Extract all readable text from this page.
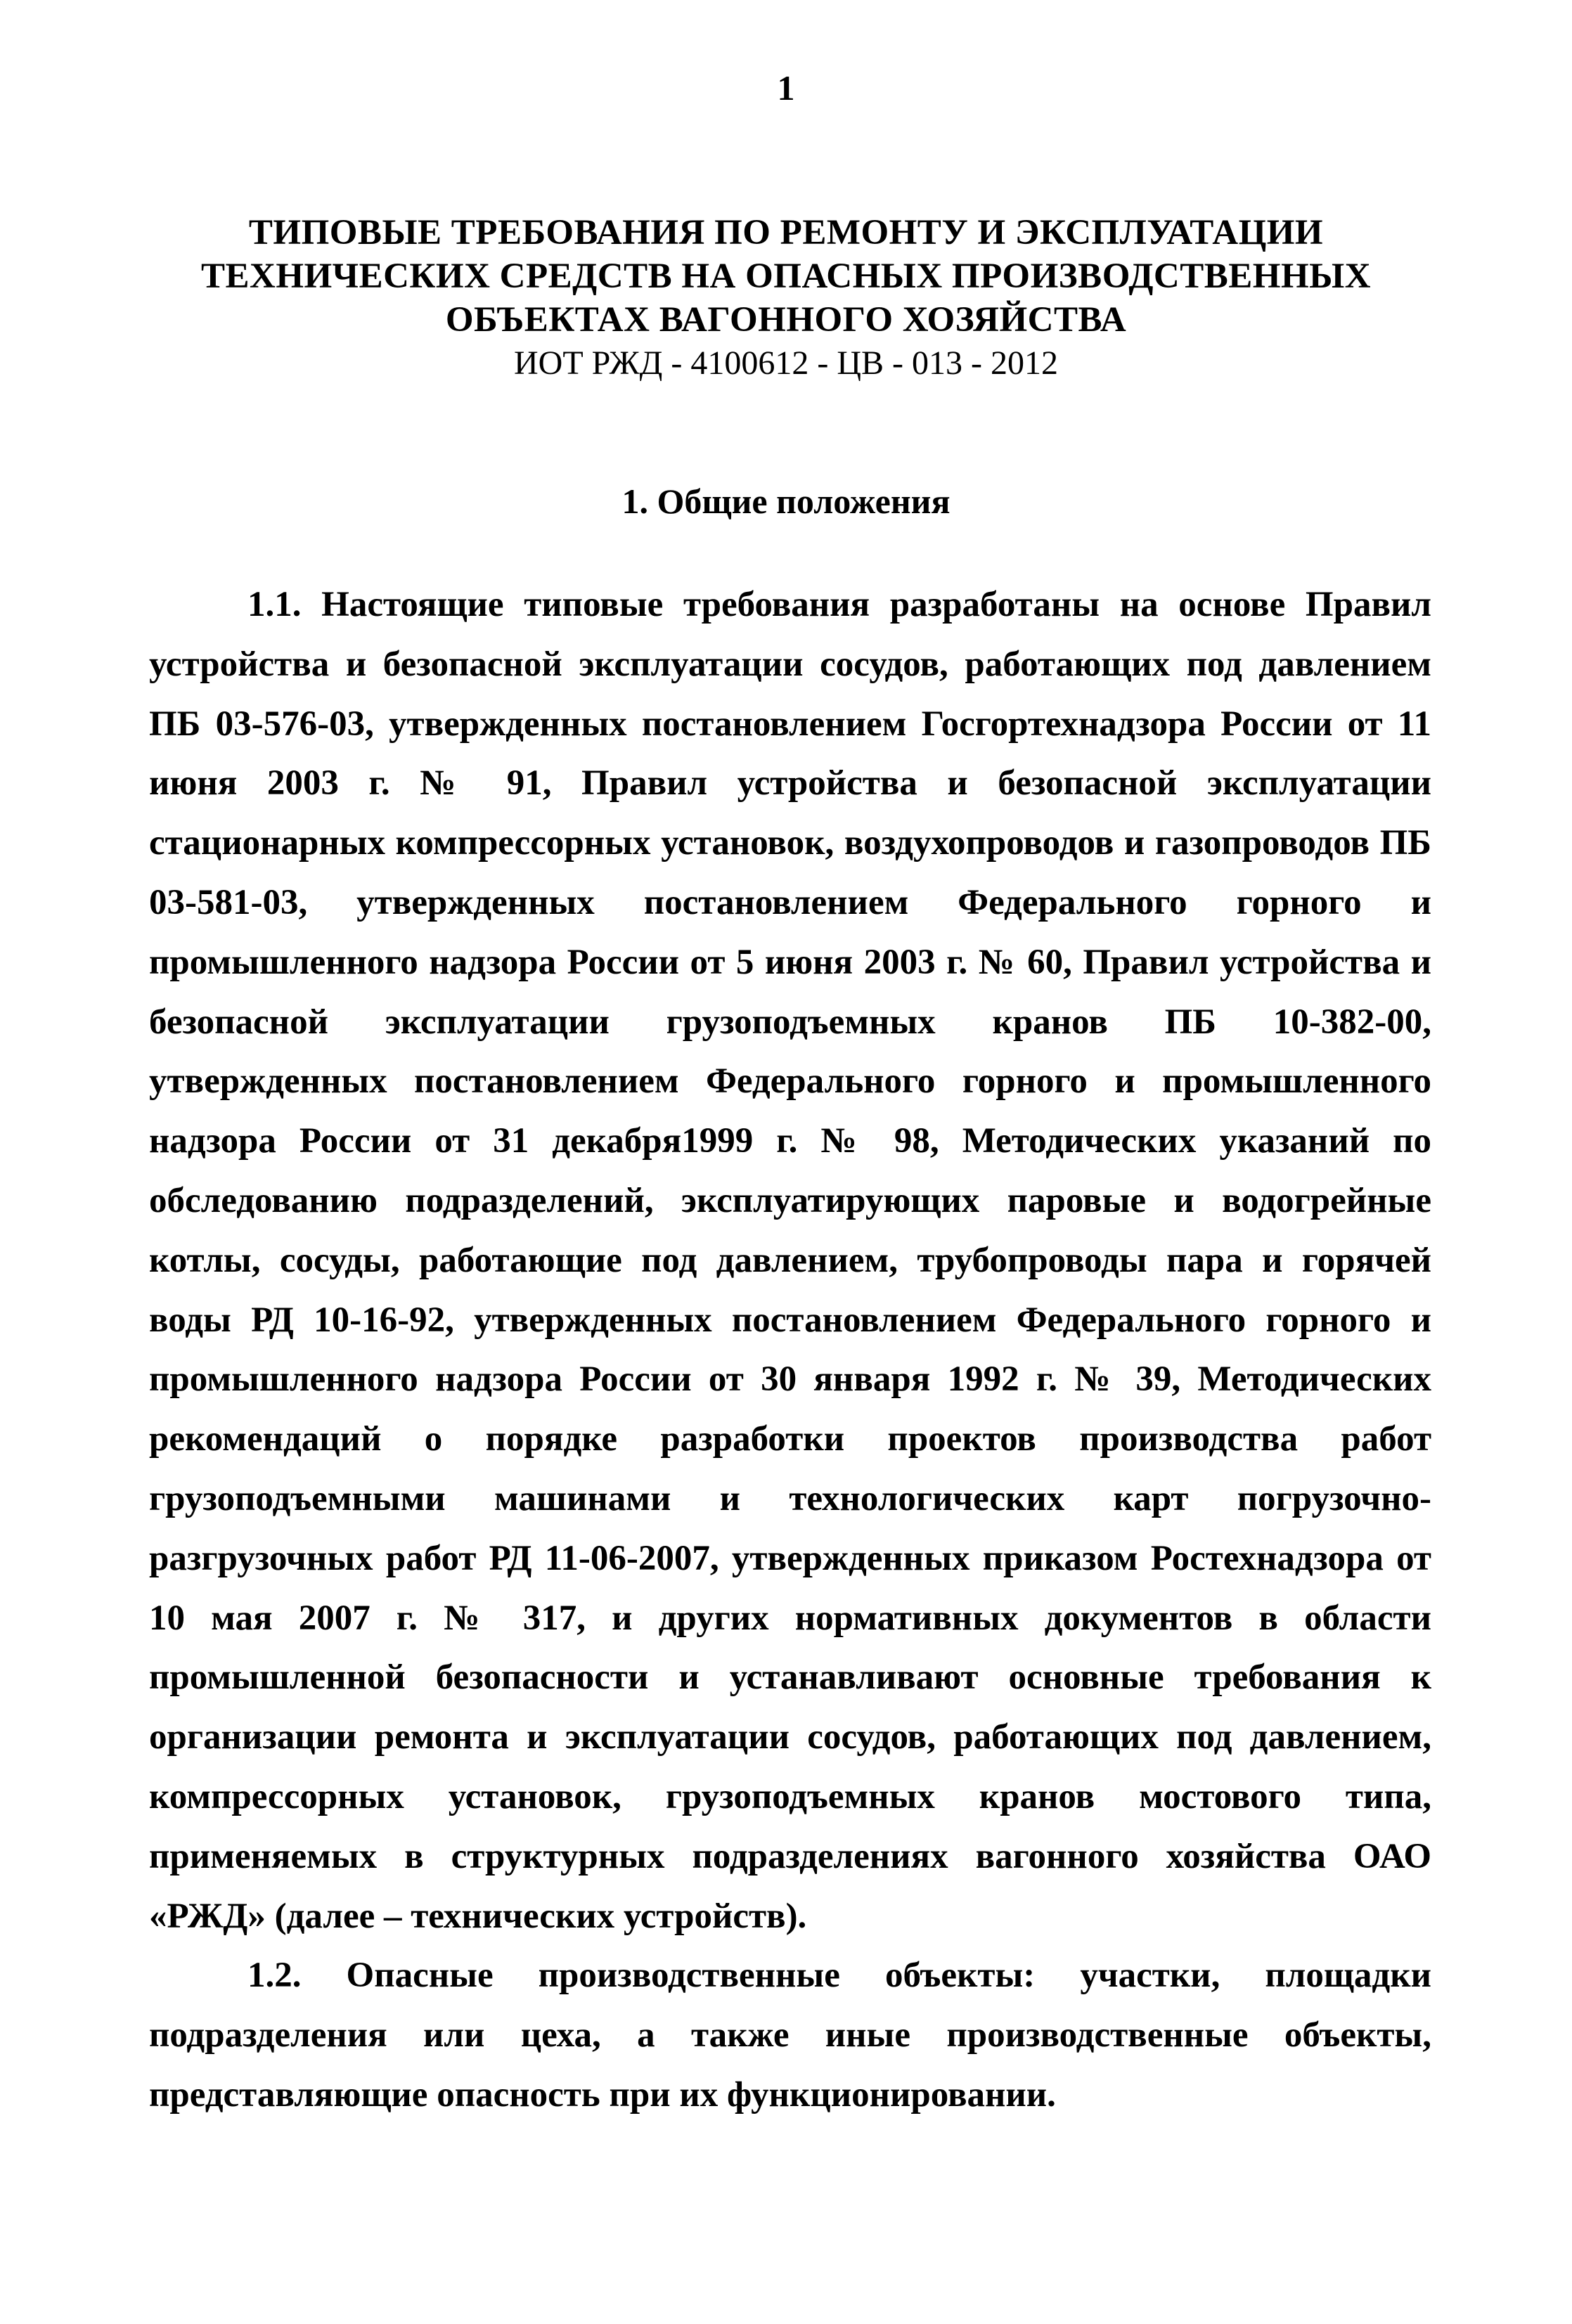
1
ТИПОВЫЕ ТРЕБОВАНИЯ ПО РЕМОНТУ И ЭКСПЛУАТАЦИИ
ТЕХНИЧЕСКИХ СРЕДСТВ НА ОПАСНЫХ ПРОИЗВОДСТВЕННЫХ
ОБЪЕКТАХ ВАГОННОГО ХОЗЯЙСТВА
ИОТ РЖД - 4100612 - ЦВ - 013 - 2012
1. Общие положения

1.1. Настоящие типовые требования разработаны на основе Правил устройства и безопасной эксплуатации сосудов, работающих под давлением ПБ 03-576-03, утвержденных постановлением Госгортехнадзора России от 11 июня 2003 г. № 91, Правил устройства и безопасной эксплуатации стационарных компрессорных установок, воздухопроводов и газопроводов ПБ 03-581-03, утвержденных постановлением Федерального горного и промышленного надзора России от 5 июня 2003 г. № 60, Правил устройства и безопасной эксплуатации грузоподъемных кранов ПБ 10-382-00, утвержденных постановлением Федерального горного и промышленного надзора России от 31 декабря1999 г. № 98, Методических указаний по обследованию подразделений, эксплуатирующих паровые и водогрейные котлы, сосуды, работающие под давлением, трубопроводы пара и горячей воды РД 10-16-92, утвержденных постановлением Федерального горного и промышленного надзора России от 30 января 1992 г. № 39, Методических рекомендаций о порядке разработки проектов производства работ грузоподъемными машинами и технологических карт погрузочно-разгрузочных работ РД 11-06-2007, утвержденных приказом Ростехнадзора от 10 мая 2007 г. № 317, и других нормативных документов в области промышленной безопасности и устанавливают основные требования к организации ремонта и эксплуатации сосудов, работающих под давлением, компрессорных установок, грузоподъемных кранов мостового типа, применяемых в структурных подразделениях вагонного хозяйства ОАО «РЖД» (далее – технических устройств).

1.2. Опасные производственные объекты: участки, площадки подразделения или цеха, а также иные производственные объекты, представляющие опасность при их функционировании.
